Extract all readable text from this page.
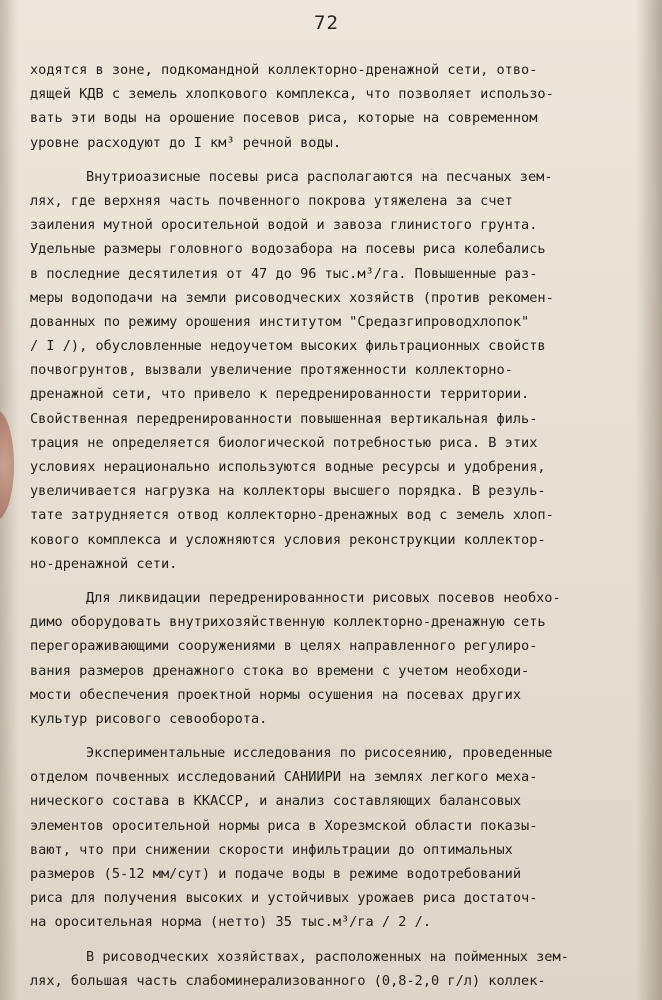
72
ходятся в зоне, подкомандной коллекторно-дренажной сети, отво-
дящей КДВ с земель хлопкового комплекса, что позволяет использо-
вать эти воды на орошение посевов риса, которые на современном
уровне расходуют до I км³ речной воды.
Внутриоазисные посевы риса располагаются на песчаных зем-
лях, где верхняя часть почвенного покрова утяжелена за счет
заиления мутной оросительной водой и завоза глинистого грунта.
Удельные размеры головного водозабора на посевы риса колебались
в последние десятилетия от 47 до 96 тыс.м³/га. Повышенные раз-
меры водоподачи на земли рисоводческих хозяйств (против рекомен-
дованных по режиму орошения институтом "Средазгипроводхлопок"
/ I /), обусловленные недоучетом высоких фильтрационных свойств
почвогрунтов, вызвали увеличение протяженности коллекторно-
дренажной сети, что привело к передренированности территории.
Свойственная передренированности повышенная вертикальная филь-
трация не определяется биологической потребностью риса. В этих
условиях нерационально используются водные ресурсы и удобрения,
увеличивается нагрузка на коллекторы высшего порядка. В резуль-
тате затрудняется отвод коллекторно-дренажных вод с земель хлоп-
кового комплекса и усложняются условия реконструкции коллектор-
но-дренажной сети.
Для ликвидации передренированности рисовых посевов необхо-
димо оборудовать внутрихозяйственную коллекторно-дренажную сеть
перегораживающими сооружениями в целях направленного регулиро-
вания размеров дренажного стока во времени с учетом необходи-
мости обеспечения проектной нормы осушения на посевах других
культур рисового севооборота.
Экспериментальные исследования по рисосеянию, проведенные
отделом почвенных исследований САНИИРИ на землях легкого меха-
нического состава в ККАССР, и анализ составляющих балансовых
элементов оросительной нормы риса в Хорезмской области показы-
вают, что при снижении скорости инфильтрации до оптимальных
размеров (5-12 мм/сут) и подаче воды в режиме водотребований
риса для получения высоких и устойчивых урожаев риса достаточ-
на оросительная норма (нетто) 35 тыс.м³/га / 2 /.
В рисоводческих хозяйствах, расположенных на пойменных зем-
лях, большая часть слабоминерализованного (0,8-2,0 г/л) коллек-
